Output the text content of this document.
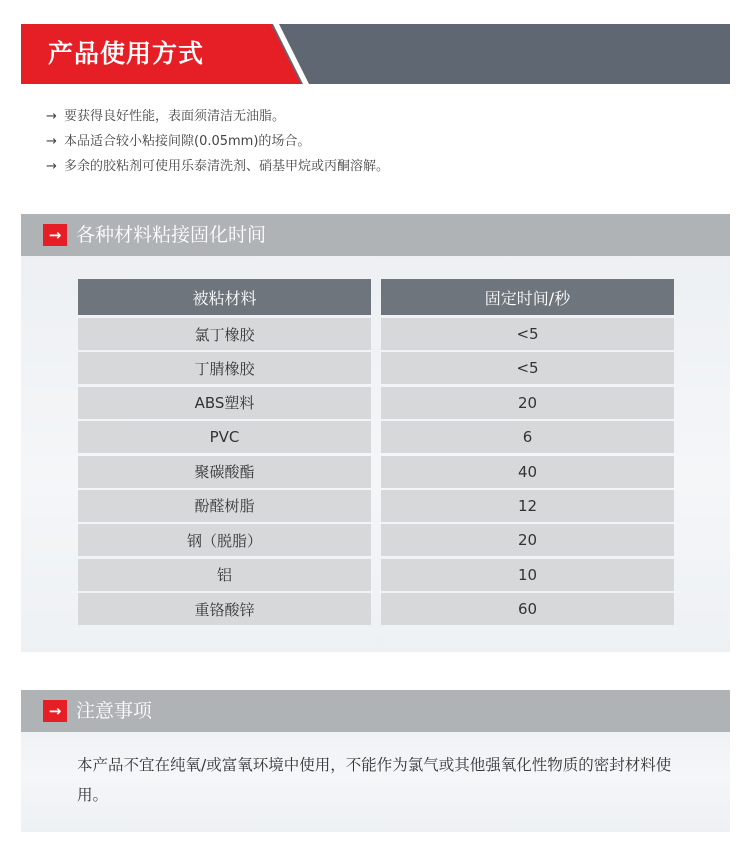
产品使用方式
→ 要获得良好性能，表面须清洁无油脂。
→ 本品适合较小粘接间隙(0.05mm)的场合。
→ 多余的胶粘剂可使用乐泰清洗剂、硝基甲烷或丙酮溶解。
→ 各种材料粘接固化时间
被粘材料	固定时间/秒
氯丁橡胶	<5
丁腈橡胶	<5
ABS塑料	20
PVC	6
聚碳酸酯	40
酚醛树脂	12
钢（脱脂）	20
铝	10
重铬酸锌	60
→ 注意事项
本产品不宜在纯氧/或富氧环境中使用，不能作为氯气或其他强氧化性物质的密封材料使用。
